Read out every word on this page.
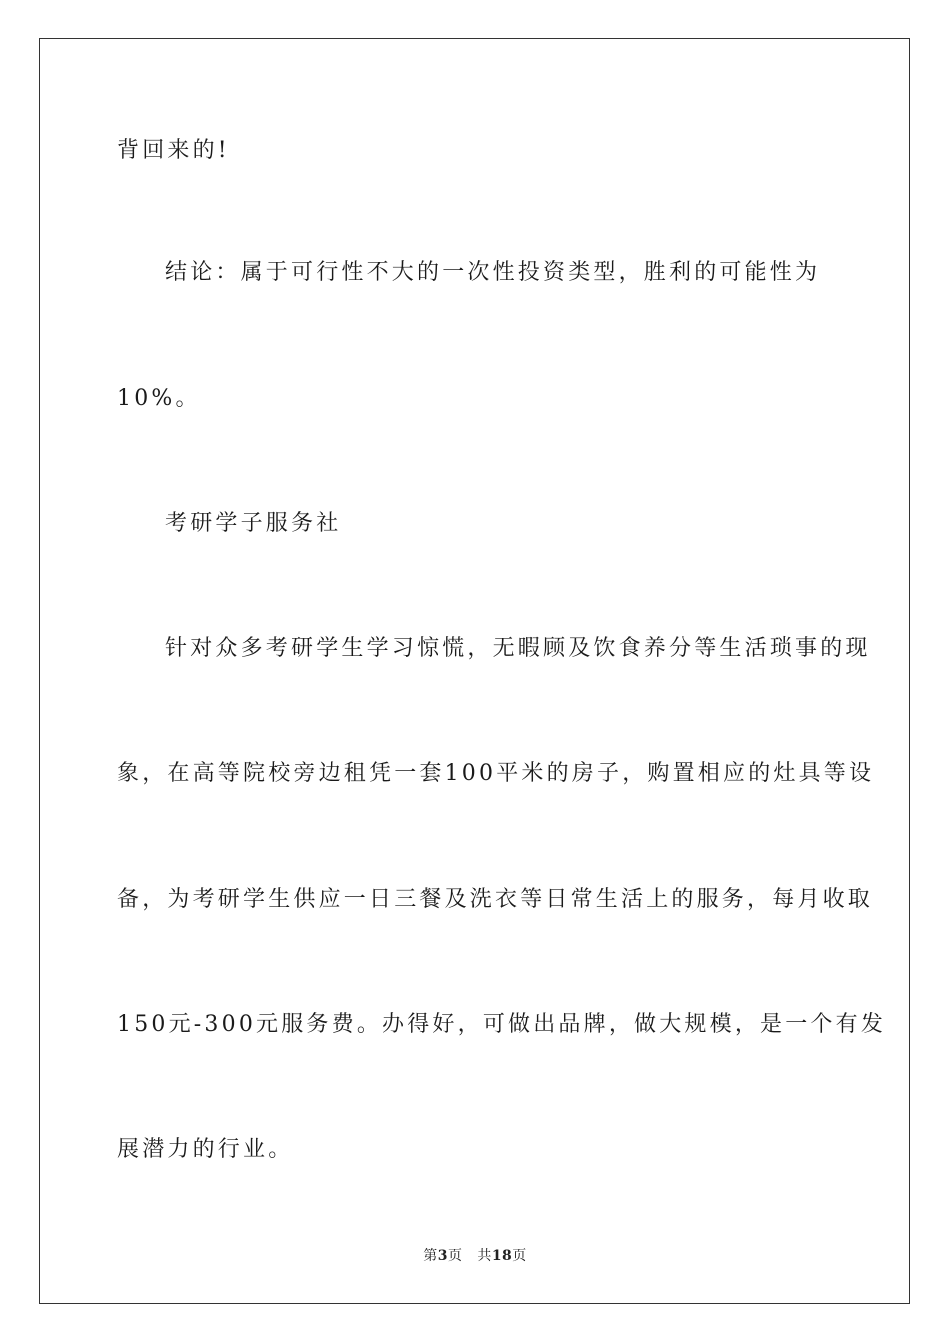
背回来的!
结论：属于可行性不大的一次性投资类型，胜利的可能性为
10%。
考研学子服务社
针对众多考研学生学习惊慌，无暇顾及饮食养分等生活琐事的现
象，在高等院校旁边租凭一套100平米的房子，购置相应的灶具等设
备，为考研学生供应一日三餐及洗衣等日常生活上的服务，每月收取
150元-300元服务费。办得好，可做出品牌，做大规模，是一个有发
展潜力的行业。
第3页 共18页
